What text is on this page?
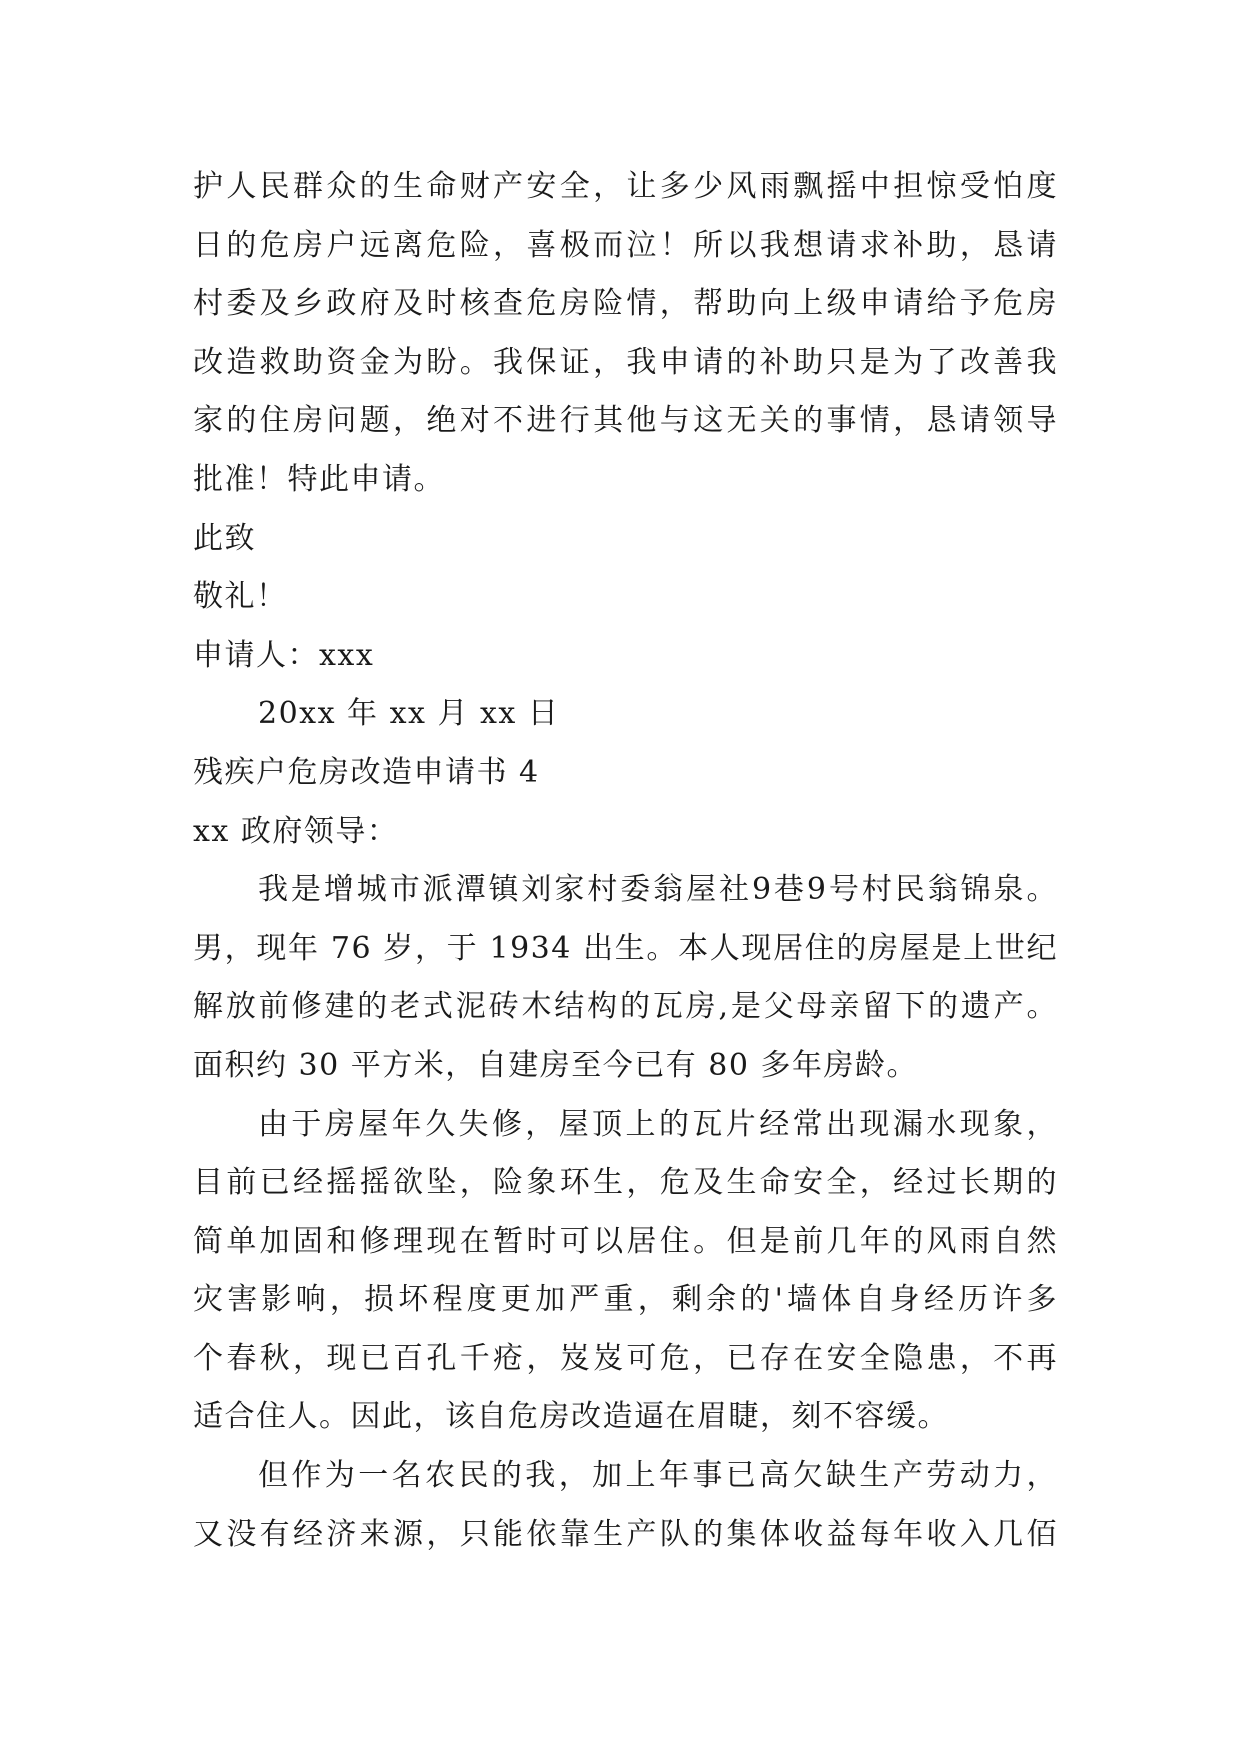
护人民群众的生命财产安全，让多少风雨飘摇中担惊受怕度
日的危房户远离危险，喜极而泣！所以我想请求补助，恳请
村委及乡政府及时核查危房险情，帮助向上级申请给予危房
改造救助资金为盼。我保证，我申请的补助只是为了改善我
家的住房问题，绝对不进行其他与这无关的事情，恳请领导
批准！特此申请。
此致
敬礼！
申请人：xxx
20xx 年 xx 月 xx 日
残疾户危房改造申请书 4
xx 政府领导：
我是增城市派潭镇刘家村委翁屋社9巷9号村民翁锦泉。
男，现年 76 岁，于 1934 出生。本人现居住的房屋是上世纪
解放前修建的老式泥砖木结构的瓦房,是父母亲留下的遗产。
面积约 30 平方米，自建房至今已有 80 多年房龄。
由于房屋年久失修，屋顶上的瓦片经常出现漏水现象，
目前已经摇摇欲坠，险象环生，危及生命安全，经过长期的
简单加固和修理现在暂时可以居住。但是前几年的风雨自然
灾害影响，损坏程度更加严重，剩余的'墙体自身经历许多
个春秋，现已百孔千疮，岌岌可危，已存在安全隐患，不再
适合住人。因此，该自危房改造逼在眉睫，刻不容缓。
但作为一名农民的我，加上年事已高欠缺生产劳动力，
又没有经济来源，只能依靠生产队的集体收益每年收入几佰
